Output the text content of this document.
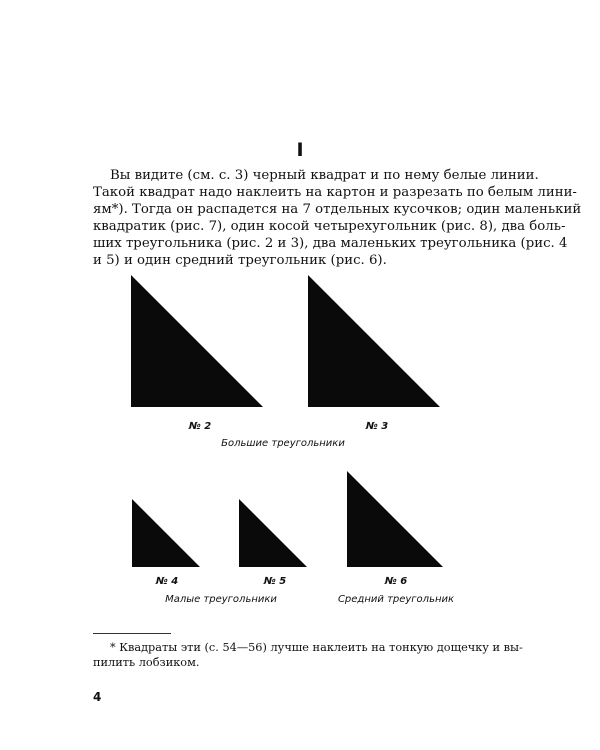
I
Вы видите (см. с. 3) черный квадрат и по нему белые линии.
Такой квадрат надо наклеить на картон и разрезать по белым лини-
ям*). Тогда он распадется на 7 отдельных кусочков; один маленький
квадратик (рис. 7), один косой четырехугольник (рис. 8), два боль-
ших треугольника (рис. 2 и 3), два маленьких треугольника (рис. 4
и 5) и один средний треугольник (рис. 6).
№ 2	№ 3
Большие треугольники
№ 4	№ 5	№ 6
Малые треугольники	Средний треугольник
* Квадраты эти (с. 54—56) лучше наклеить на тонкую дощечку и вы-
пилить лобзиком.
4
